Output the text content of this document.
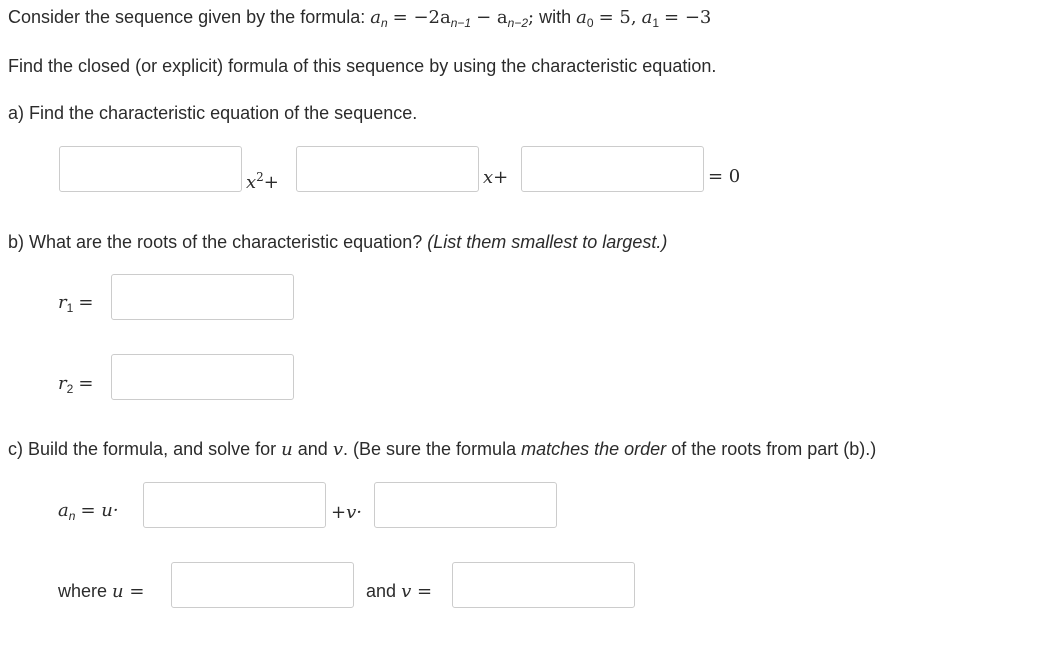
Consider the sequence given by the formula: $a_n = -2a_{n-1} - a_{n-2}$; with $a_0 = 5$, $a_1 = -3$
Find the closed (or explicit) formula of this sequence by using the characteristic equation.
a) Find the characteristic equation of the sequence.
$x^2+$	x+	= 0
b) What are the roots of the characteristic equation? (List them smallest to largest.)
$r_1$ =
$r_2$ =
c) Build the formula, and solve for u and v. (Be sure the formula matches the order of the roots from part (b).)
$a_n = u\cdot$	+v·
where u =	and v =
